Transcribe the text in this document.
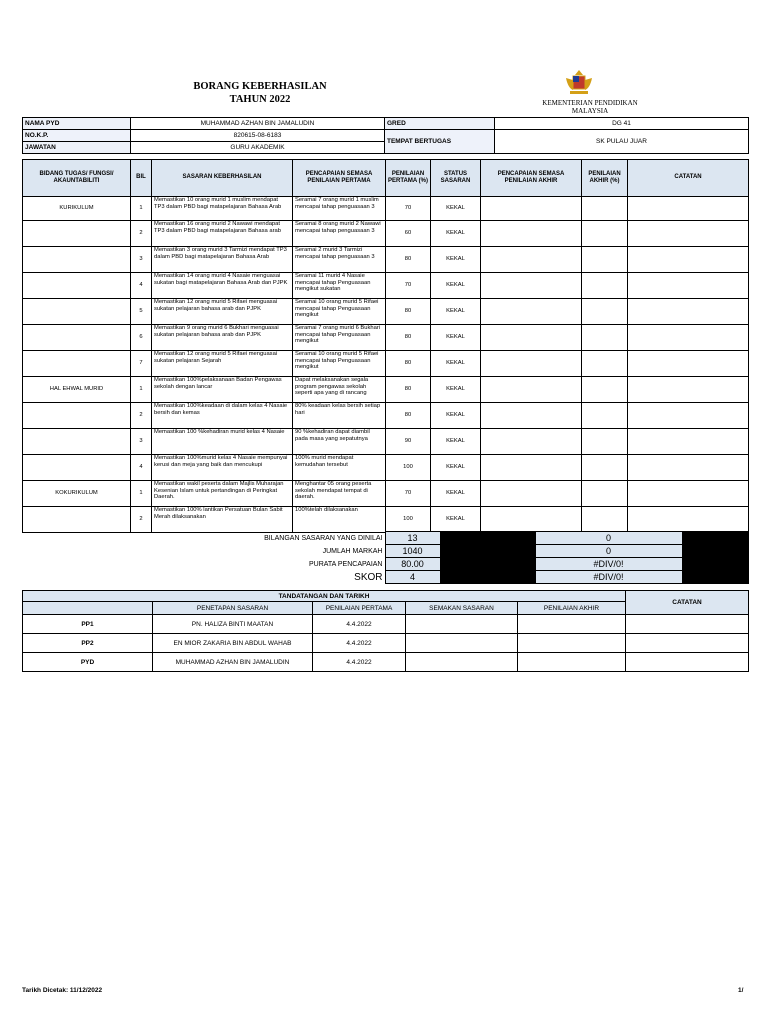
BORANG KEBERHASILAN
TAHUN 2022	KEMENTERIAN PENDIDIKAN
MALAYSIA
NAMA PYD	MUHAMMAD AZHAN BIN JAMALUDIN	GRED	DG 41
NO.K.P.	820615-08-6183	TEMPAT BERTUGAS	SK PULAU JUAR
JAWATAN	GURU AKADEMIK		
BIDANG TUGAS/ FUNGSI/ AKAUNTABILITI	BIL	SASARAN KEBERHASILAN	PENCAPAIAN SEMASA PENILAIAN PERTAMA	PENILAIAN PERTAMA (%)	STATUS SASARAN	PENCAPAIAN SEMASA PENILAIAN AKHIR	PENILAIAN AKHIR (%)	CATATAN
KURIKULUM	1	Memastikan 10 orang murid 1 muslim mendapat TP3 dalam PBD bagi matapelajaran Bahasa Arab	Seramai 7 orang murid 1 muslim mencapai tahap penguasaan 3	70	KEKAL			
	2	Memastikan 16 orang murid 2 Nawawi mendapat TP3 dalam PBD bagi matapelajaran Bahasa arab	Seramai 8 orang murid 2 Nawawi mencapai tahap penguasaan 3	60	KEKAL			
	3	Memastikan 3 orang murid 3 Tarmizi mendapat TP3 dalam PBD bagi matapelajaran Bahasa Arab	Seramai 2 murid 3 Tarmizi mencapai tahap penguasaan 3	80	KEKAL			
	4	Memastikan 14 orang murid 4 Nasaie menguasai sukatan bagi matapelajaran Bahasa Arab dan PJPK	Seramai 11 murid 4 Nasaie mencapai tahap Penguasaan mengikut sukatan	70	KEKAL			
	5	Memastikan 12 orang murid 5 Rifaei menguasai sukatan pelajaran bahasa arab dan PJPK	Seramai 10 orang murid 5 Rifaei mencapai tahap Penguasaan mengikut	80	KEKAL			
	6	Memastikan 9 orang murid 6 Bukhari menguasai sukatan pelajaran bahasa arab dan PJPK	Seramai 7 orang murid 6 Bukhari mencapai tahap Penguasaan mengikut	80	KEKAL			
	7	Memastikan 12 orang murid 5 Rifaei menguasai sukatan pelajaran Sejarah	Seramai 10 orang murid 5 Rifaei mencapai tahap Penguasaan mengikut	80	KEKAL			
HAL EHWAL MURID	1	Memastikan 100%pelaksanaan Badan Pengawas sekolah dengan lancar	Dapat melaksanakan segala program pengawas sekolah seperti apa yang di rancang	80	KEKAL			
	2	Memastikan 100%keadaan di dalam kelas 4 Nasaie bersih dan kemas	80% keadaan kelas bersih setiap hari	80	KEKAL			
	3	Memastikan 100 %kehadiran murid kelas 4 Nasaie	90 %kehadiran dapat diambil pada masa yang sepatutnya	90	KEKAL			
	4	Memastikan 100%murid kelas 4 Nasaie mempunyai kerusi dan meja yang baik dan mencukupi	100% murid mendapat kemudahan tersebut	100	KEKAL			
KOKURIKULUM	1	Memastikan wakil peserta dalam Majlis Muharajan Kesenian Islam untuk pertandingan di Peringkat Daerah.	Menghantar 05 orang peserta sekolah mendapat tempat di daerah.	70	KEKAL			
	2	Memastikan 100% lantikan Persatuan Bulan Sabit Merah dilaksanakan	100%telah dilaksanakan	100	KEKAL			
BILANGAN SASARAN YANG DINILAI	13		0	
JUMLAH MARKAH	1040		0	
PURATA PENCAPAIAN	80.00		#DIV/0!	
SKOR	4		#DIV/0!	
TANDATANGAN DAN TARIKH					CATATAN
	PENETAPAN SASARAN	PENILAIAN PERTAMA	SEMAKAN SASARAN	PENILAIAN AKHIR	
PP1	PN. HALIZA BINTI MAATAN	4.4.2022			
PP2	EN MIOR ZAKARIA BIN ABDUL WAHAB	4.4.2022			
PYD	MUHAMMAD AZHAN BIN JAMALUDIN	4.4.2022			
Tarikh Dicetak: 11/12/2022	1/
